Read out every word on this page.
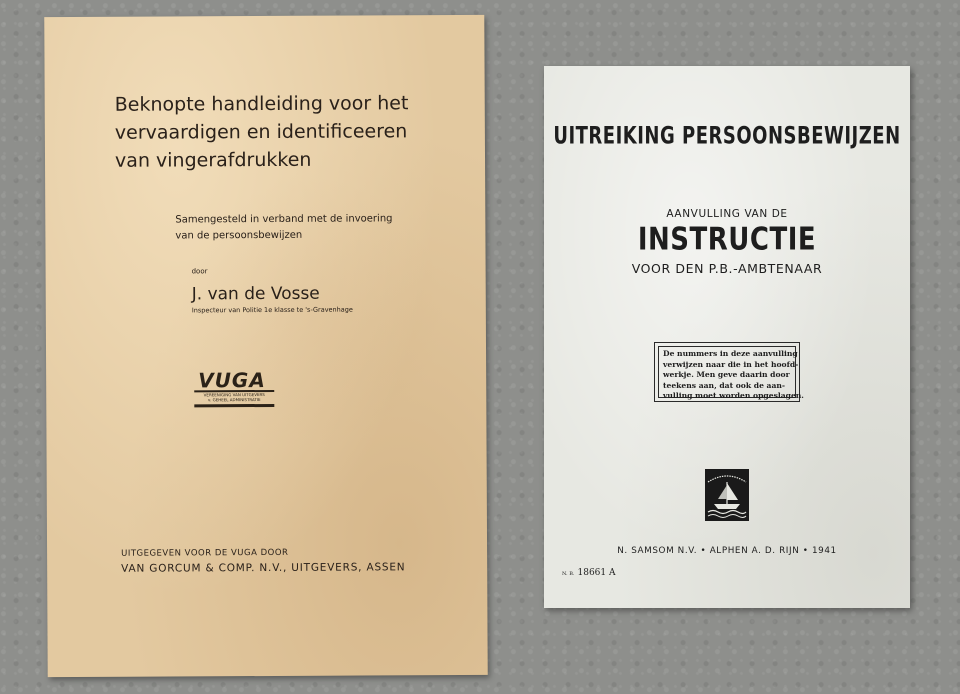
Beknopte handleiding voor het
vervaardigen en identificeeren
van vingerafdrukken
Samengesteld in verband met de invoering
van de persoonsbewijzen
door
J. van de Vosse
Inspecteur van Politie 1e klasse te 's-Gravenhage
VUGA
VEREENIGING VAN UITGEVERS
v. GEHEEL ADMINISTRATIE
UITGEGEVEN VOOR DE VUGA DOOR
VAN GORCUM & COMP. N.V., UITGEVERS, ASSEN
UITREIKING PERSOONSBEWIJZEN
AANVULLING VAN DE
INSTRUCTIE
VOOR DEN P.B.-AMBTENAAR
De nummers in deze aanvulling
verwijzen naar die in het hoofd-
werkje. Men geve daarin door
teekens aan, dat ook de aan-
vulling moet worden opgeslagen.
N. SAMSOM N.V. • ALPHEN A. D. RIJN • 1941
N. B. 18661 A
